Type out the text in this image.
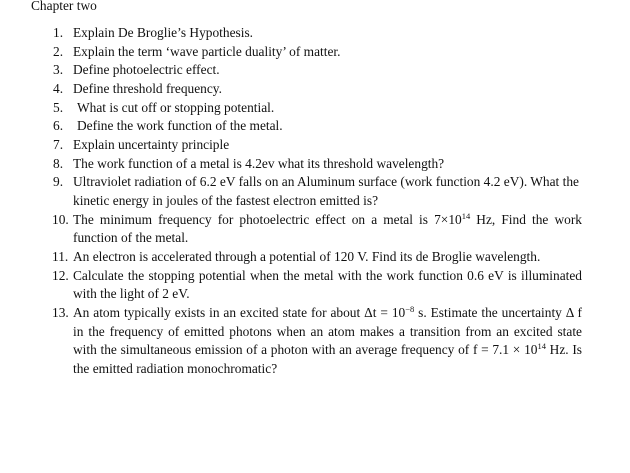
Chapter two
1. Explain De Broglie’s Hypothesis.
2. Explain the term ‘wave particle duality’ of matter.
3. Define photoelectric effect.
4. Define threshold frequency.
5. What is cut off or stopping potential.
6. Define the work function of the metal.
7. Explain uncertainty principle
8. The work function of a metal is 4.2ev what its threshold wavelength?
9. Ultraviolet radiation of 6.2 eV falls on an Aluminum surface (work function 4.2 eV). What the kinetic energy in joules of the fastest electron emitted is?
10. The minimum frequency for photoelectric effect on a metal is $7\times 10^{14}$ Hz, Find the work function of the metal.
11. An electron is accelerated through a potential of 120 V. Find its de Broglie wavelength.
12. Calculate the stopping potential when the metal with the work function 0.6 eV is illuminated with the light of 2 eV.
13. An atom typically exists in an excited state for about $\Delta t = 10^{-8}$ s. Estimate the uncertainty Δ f in the frequency of emitted photons when an atom makes a transition from an excited state with the simultaneous emission of a photon with an average frequency of $f = 7.1 \times 10^{14}$ Hz. Is the emitted radiation monochromatic?
